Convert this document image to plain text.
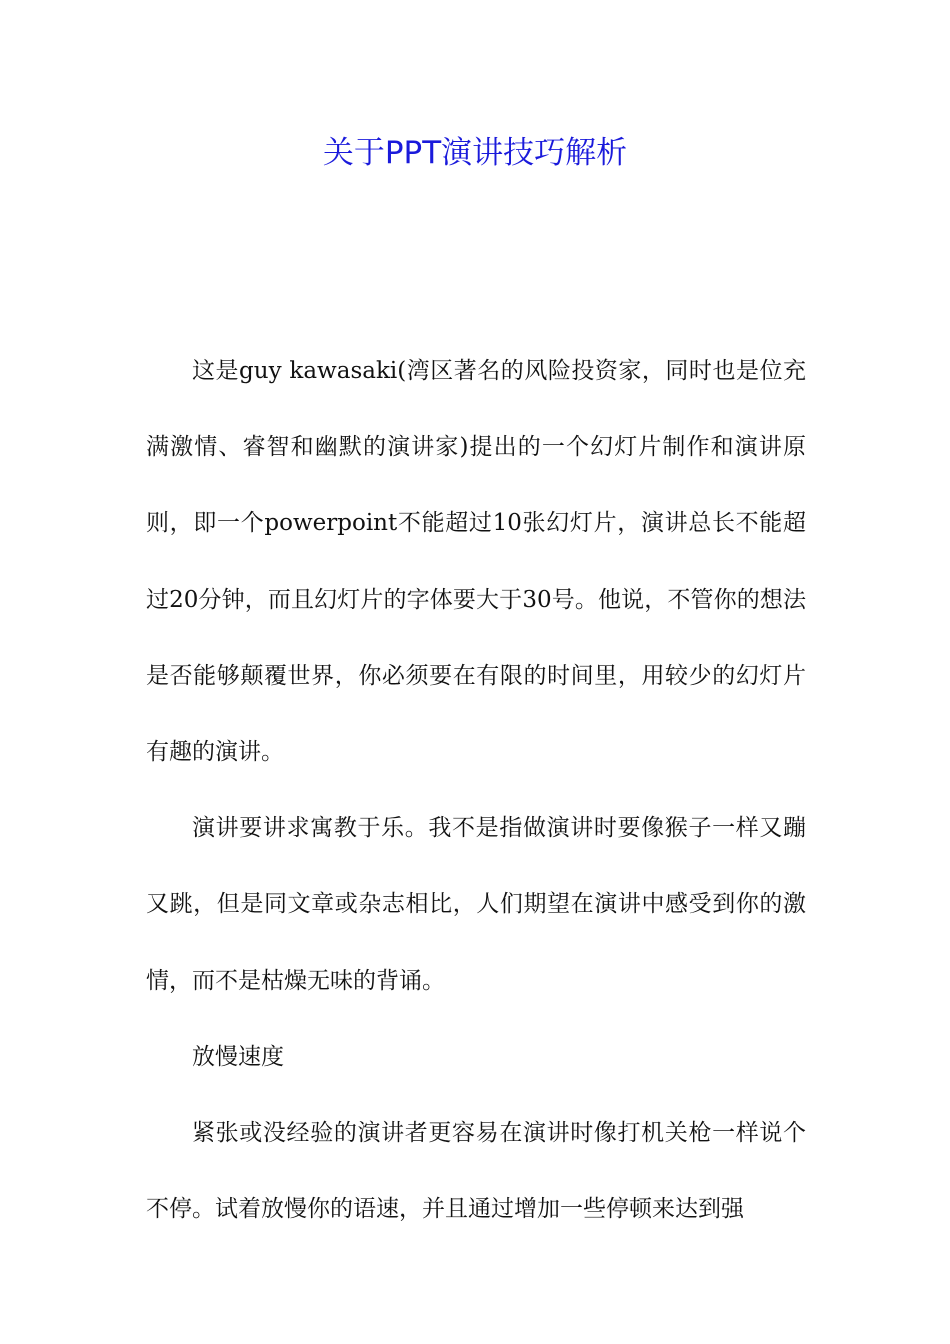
关于PPT演讲技巧解析

这是guy kawasaki(湾区著名的风险投资家，同时也是位充满激情、睿智和幽默的演讲家)提出的一个幻灯片制作和演讲原则，即一个powerpoint不能超过10张幻灯片，演讲总长不能超过20分钟，而且幻灯片的字体要大于30号。他说，不管你的想法是否能够颠覆世界，你必须要在有限的时间里，用较少的幻灯片有趣的演讲。

演讲要讲求寓教于乐。我不是指做演讲时要像猴子一样又蹦又跳，但是同文章或杂志相比，人们期望在演讲中感受到你的激情，而不是枯燥无味的背诵。

放慢速度

紧张或没经验的演讲者更容易在演讲时像打机关枪一样说个不停。试着放慢你的语速，并且通过增加一些停顿来达到强
